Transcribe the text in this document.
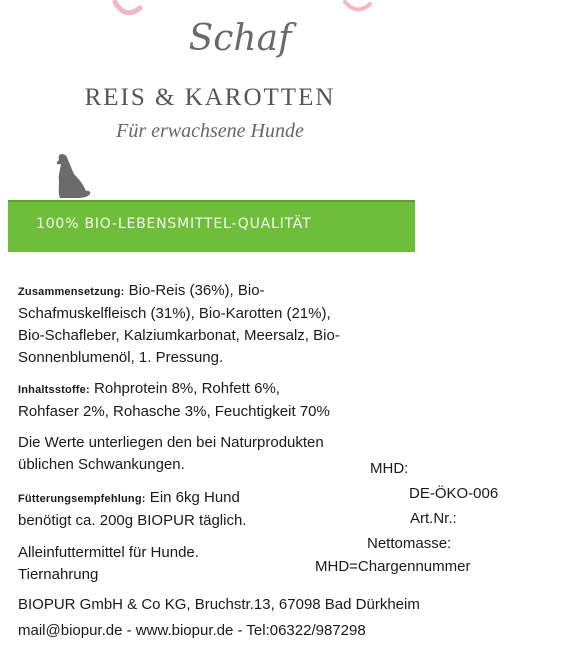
Schaf
REIS & KAROTTEN
Für erwachsene Hunde
100% BIO-LEBENSMITTEL-QUALITÄT
Zusammensetzung: Bio-Reis (36%), Bio-
Schafmuskelfleisch (31%), Bio-Karotten (21%),
Bio-Schafleber, Kalziumkarbonat, Meersalz, Bio-
Sonnenblumenöl, 1. Pressung.
Inhaltsstoffe: Rohprotein 8%, Rohfett 6%,
Rohfaser 2%, Rohasche 3%, Feuchtigkeit 70%
Die Werte unterliegen den bei Naturprodukten
üblichen Schwankungen.
Fütterungsempfehlung: Ein 6kg Hund
benötigt ca. 200g BIOPUR täglich.
Alleinfuttermittel für Hunde.
Tiernahrung
MHD:
DE-ÖKO-006
Art.Nr.:
Nettomasse:
MHD=Chargennummer
BIOPUR GmbH & Co KG, Bruchstr.13, 67098 Bad Dürkheim
mail@biopur.de - www.biopur.de - Tel:06322/987298
